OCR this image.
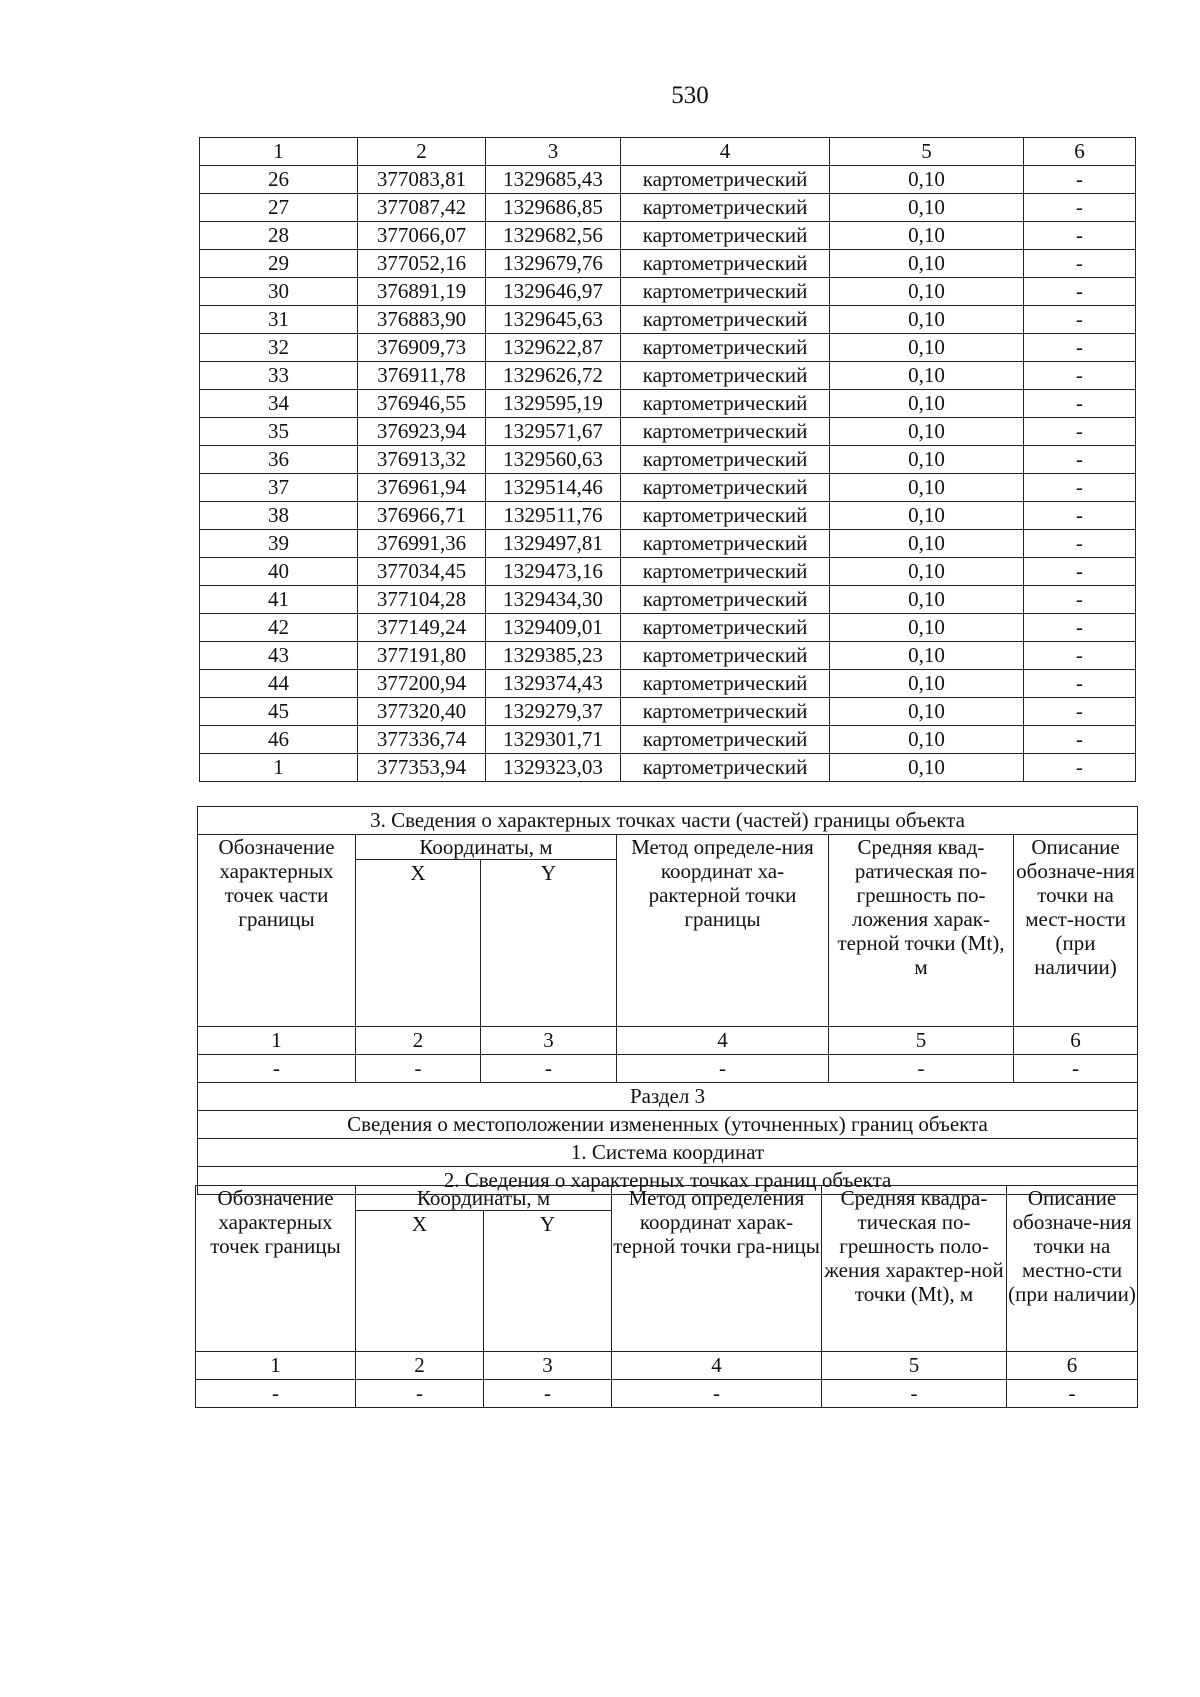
530
1	2	3	4	5	6
26	377083,81	1329685,43	картометрический	0,10	-
27	377087,42	1329686,85	картометрический	0,10	-
28	377066,07	1329682,56	картометрический	0,10	-
29	377052,16	1329679,76	картометрический	0,10	-
30	376891,19	1329646,97	картометрический	0,10	-
31	376883,90	1329645,63	картометрический	0,10	-
32	376909,73	1329622,87	картометрический	0,10	-
33	376911,78	1329626,72	картометрический	0,10	-
34	376946,55	1329595,19	картометрический	0,10	-
35	376923,94	1329571,67	картометрический	0,10	-
36	376913,32	1329560,63	картометрический	0,10	-
37	376961,94	1329514,46	картометрический	0,10	-
38	376966,71	1329511,76	картометрический	0,10	-
39	376991,36	1329497,81	картометрический	0,10	-
40	377034,45	1329473,16	картометрический	0,10	-
41	377104,28	1329434,30	картометрический	0,10	-
42	377149,24	1329409,01	картометрический	0,10	-
43	377191,80	1329385,23	картометрический	0,10	-
44	377200,94	1329374,43	картометрический	0,10	-
45	377320,40	1329279,37	картометрический	0,10	-
46	377336,74	1329301,71	картометрический	0,10	-
1	377353,94	1329323,03	картометрический	0,10	-
3. Сведения о характерных точках части (частей) границы объекта					
Обозначение характерных точек части границы	Координаты, м		Метод определе-ния координат ха-рактерной точки границы	Средняя квад-ратическая по-грешность по-ложения харак-терной точки (Mt), м	Описание обозначе-ния точки на мест-ности (при наличии)
	X	Y			
1	2	3	4	5	6
-	-	-	-	-	-
Раздел 3					
Сведения о местоположении измененных (уточненных) границ объекта					
1. Система координат					
2. Сведения о характерных точках границ объекта					
Обозначение характерных точек границы	Координаты, м		Метод определения координат харак-терной точки гра-ницы	Средняя квадра-тическая по-грешность поло-жения характер-ной точки (Mt), м	Описание обозначе-ния точки на местно-сти (при наличии)
	X	Y			
1	2	3	4	5	6
-	-	-	-	-	-
